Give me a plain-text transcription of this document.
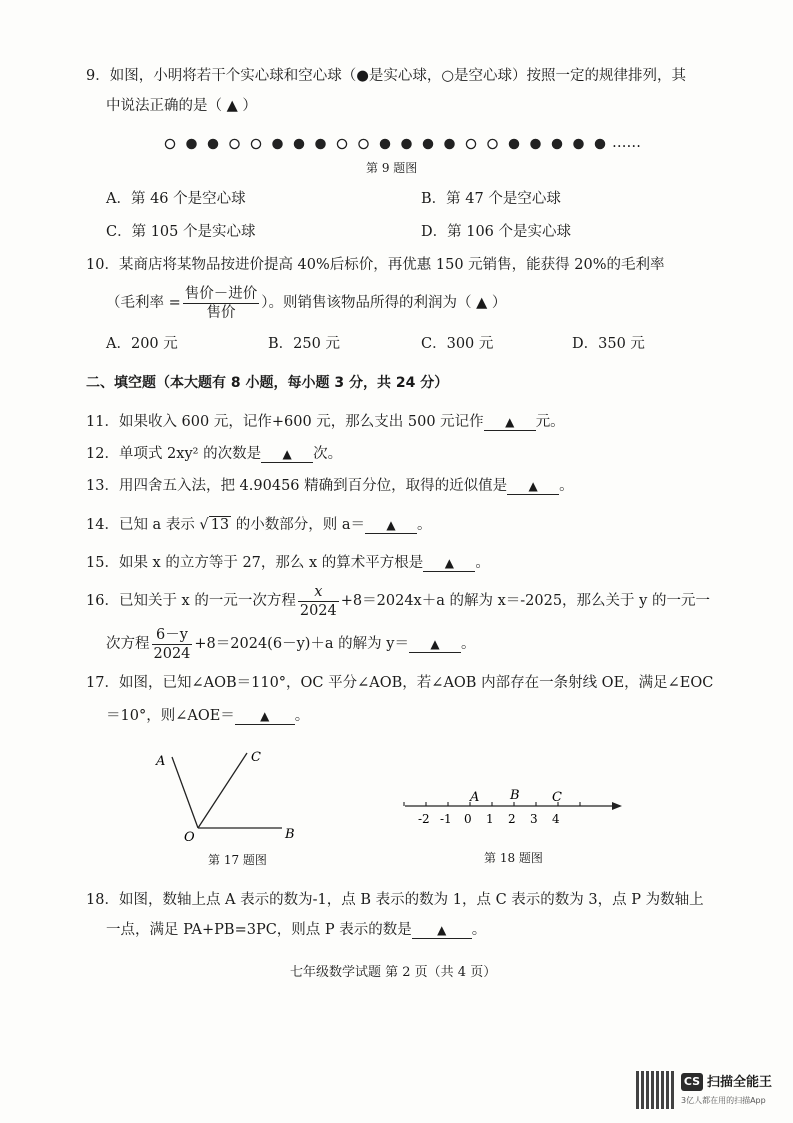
9．如图，小明将若干个实心球和空心球（●是实心球，○是空心球）按照一定的规律排列，其
中说法正确的是（ ▲ ）
……
第 9 题图
A．第 46 个是空心球	B．第 47 个是空心球
C．第 105 个是实心球	D．第 106 个是实心球
10．某商店将某物品按进价提高 40%后标价，再优惠 150 元销售，能获得 20%的毛利率
（毛利率 = $\frac{\text{售价－进价}}{\text{售价}}$ ）。则销售该物品所得的利润为（ ▲ ）
A．200 元	B．250 元	C．300 元	D．350 元
二、填空题（本大题有 8 小题，每小题 3 分，共 24 分）
11．如果收入 600 元，记作+600 元，那么支出 500 元记作 ▲ 元。
12．单项式 2xy² 的次数是 ▲ 次。
13．用四舍五入法，把 4.90456 精确到百分位，取得的近似值是 ▲ 。
14．已知 a 表示 √ 13 的小数部分，则 a＝ ▲ 。
15．如果 x 的立方等于 27，那么 x 的算术平方根是 ▲ 。
16．已知关于 x 的一元一次方程 $\frac{x}{2024} +8=2024x+a$ 的解为 x＝-2025，那么关于 y 的一元一
次方程 $\frac{6-y}{2024} +8=2024(6-y)+a$ 的解为 y＝ ▲ 。
17．如图，已知∠AOB＝110°，OC 平分∠AOB，若∠AOB 内部存在一条射线 OE，满足∠EOC
＝10°，则∠AOE＝ ▲ 。
A	C
O	B
第 17 题图
A B C
-2 -1 0 1 2 3 4
第 18 题图
18．如图，数轴上点 A 表示的数为-1，点 B 表示的数为 1，点 C 表示的数为 3，点 P 为数轴上
一点，满足 PA+PB=3PC，则点 P 表示的数是 ▲ 。
七年级数学试题 第 2 页（共 4 页）
CS 扫描全能王
3亿人都在用的扫描App
